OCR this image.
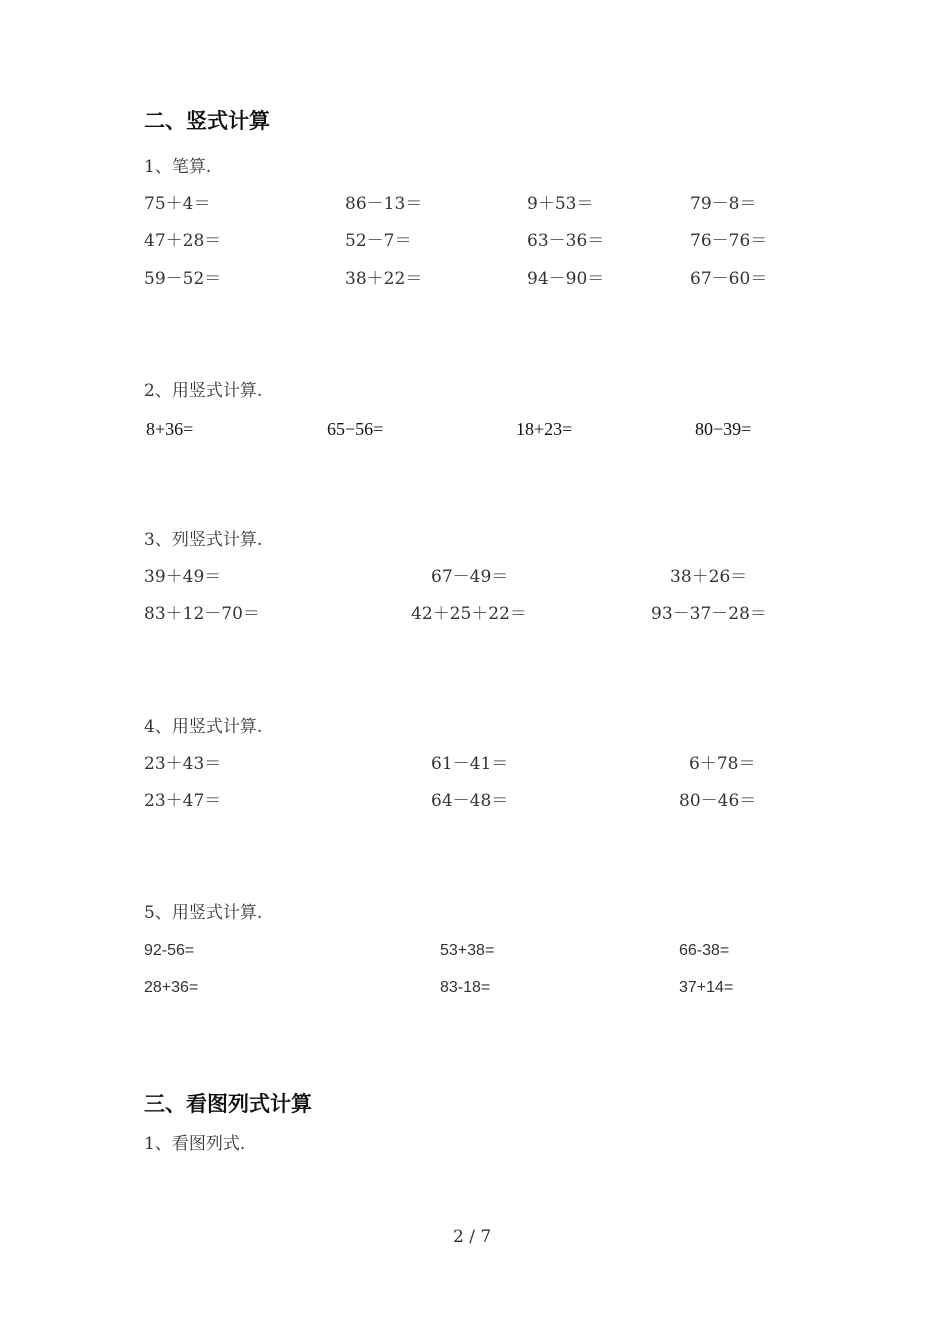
二、竖式计算
1、笔算.
75＋4＝	86－13＝	9＋53＝	79－8＝
47＋28＝	52－7＝	63－36＝	76－76＝
59－52＝	38＋22＝	94－90＝	67－60＝
2、用竖式计算.
8+36=	65−56=	18+23=	80−39=
3、列竖式计算.
39＋49＝	67－49＝	38＋26＝
83＋12－70＝	42＋25＋22＝	93－37－28＝
4、用竖式计算.
23＋43＝	61－41＝	6＋78＝
23＋47＝	64－48＝	80－46＝
5、用竖式计算.
92-56=	53+38=	66-38=
28+36=	83-18=	37+14=
三、看图列式计算
1、看图列式.
2 / 7
